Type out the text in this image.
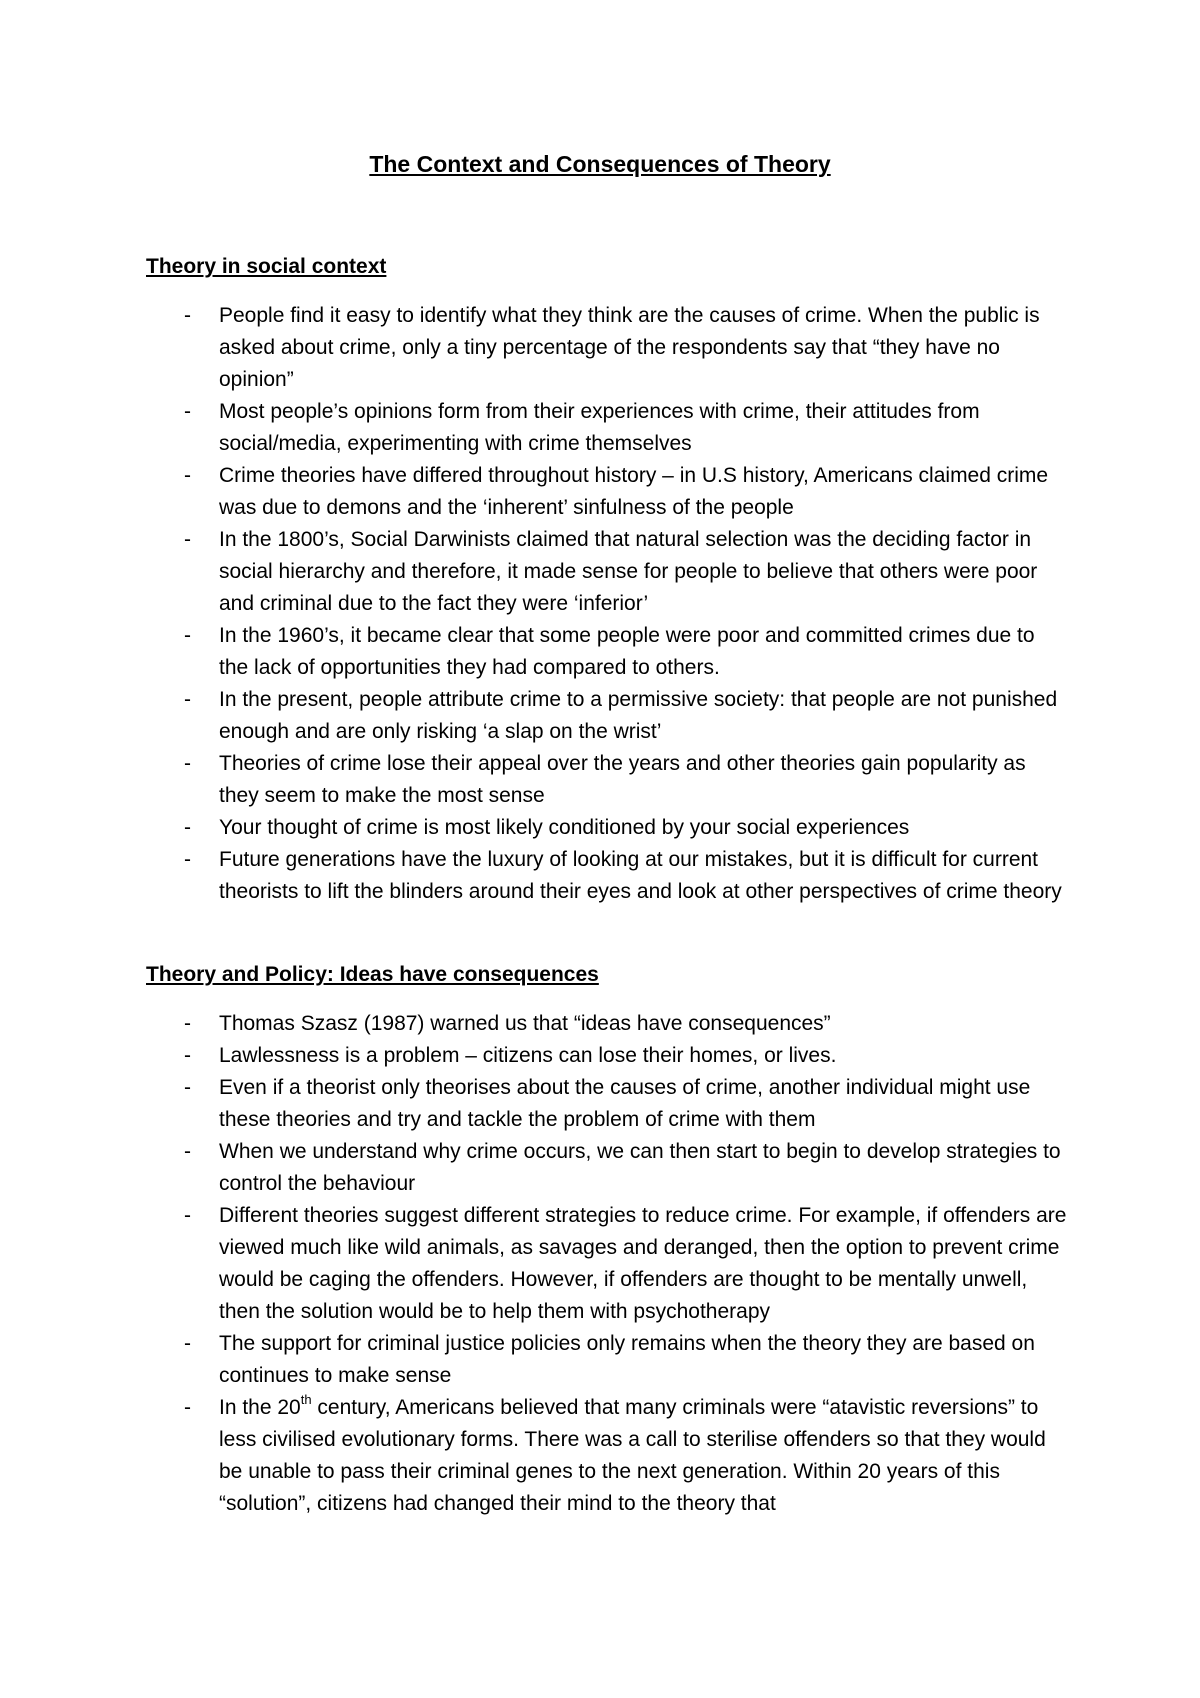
The Context and Consequences of Theory
Theory in social context
- People find it easy to identify what they think are the causes of crime. When the public is asked about crime, only a tiny percentage of the respondents say that “they have no opinion”
- Most people’s opinions form from their experiences with crime, their attitudes from social/media, experimenting with crime themselves
- Crime theories have differed throughout history – in U.S history, Americans claimed crime was due to demons and the ‘inherent’ sinfulness of the people
- In the 1800’s, Social Darwinists claimed that natural selection was the deciding factor in social hierarchy and therefore, it made sense for people to believe that others were poor and criminal due to the fact they were ‘inferior’
- In the 1960’s, it became clear that some people were poor and committed crimes due to the lack of opportunities they had compared to others.
- In the present, people attribute crime to a permissive society: that people are not punished enough and are only risking ‘a slap on the wrist’
- Theories of crime lose their appeal over the years and other theories gain popularity as they seem to make the most sense
- Your thought of crime is most likely conditioned by your social experiences
- Future generations have the luxury of looking at our mistakes, but it is difficult for current theorists to lift the blinders around their eyes and look at other perspectives of crime theory
Theory and Policy: Ideas have consequences
- Thomas Szasz (1987) warned us that “ideas have consequences”
- Lawlessness is a problem – citizens can lose their homes, or lives.
- Even if a theorist only theorises about the causes of crime, another individual might use these theories and try and tackle the problem of crime with them
- When we understand why crime occurs, we can then start to begin to develop strategies to control the behaviour
- Different theories suggest different strategies to reduce crime. For example, if offenders are viewed much like wild animals, as savages and deranged, then the option to prevent crime would be caging the offenders. However, if offenders are thought to be mentally unwell, then the solution would be to help them with psychotherapy
- The support for criminal justice policies only remains when the theory they are based on continues to make sense
- In the 20th century, Americans believed that many criminals were “atavistic reversions” to less civilised evolutionary forms. There was a call to sterilise offenders so that they would be unable to pass their criminal genes to the next generation. Within 20 years of this “solution”, citizens had changed their mind to the theory that
